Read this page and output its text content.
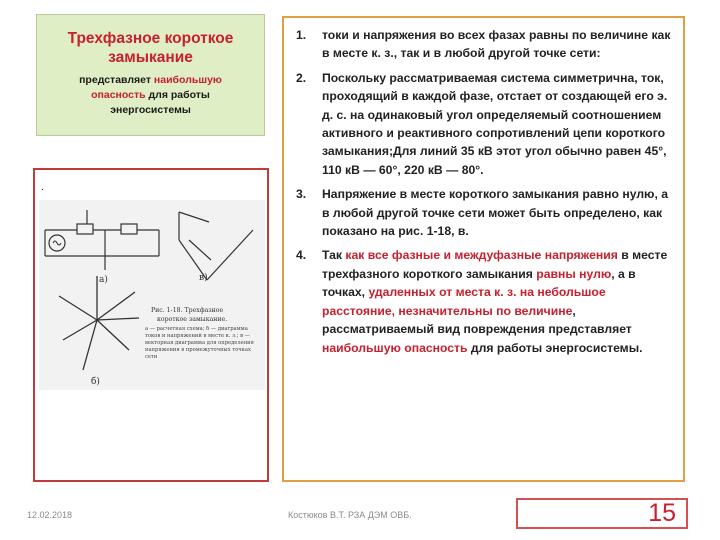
Трехфазное короткое замыкание
представляет наибольшую
опасность для работы
энергосистемы
.
а)	в)
б)
Рис. 1-18. Трехфазное
короткое замыкание.
а — расчетная схема; б — диаграмма токов и напряжений в месте к. з.; в — векторная диаграмма для определения напряжения в промежуточных точках сети
1. токи и напряжения во всех фазах равны по величине как в месте к. з., так и в любой другой точке сети:
2. Поскольку рассматриваемая система симметрична, ток, проходящий в каждой фазе, отстает от создающей его э. д. с. на одинаковый угол определяемый соотношением активного и реактивного сопротивлений цепи короткого замыкания;Для линий 35 кВ этот угол обычно равен 45°, 110 кВ — 60°, 220 кВ — 80°.
3. Напряжение в месте короткого замыкания равно нулю, а в любой другой точке сети может быть определено, как показано на рис. 1-18, в.
4. Так как все фазные и междуфазные напряжения в месте трехфазного короткого замыкания равны нулю, а в точках, удаленных от места к. з. на небольшое расстояние, незначительны по величине, рассматриваемый вид повреждения представляет наибольшую опасность для работы энергосистемы.
12.02.2018	Костюков В.Т. РЗА ДЭМ ОВБ.	15
